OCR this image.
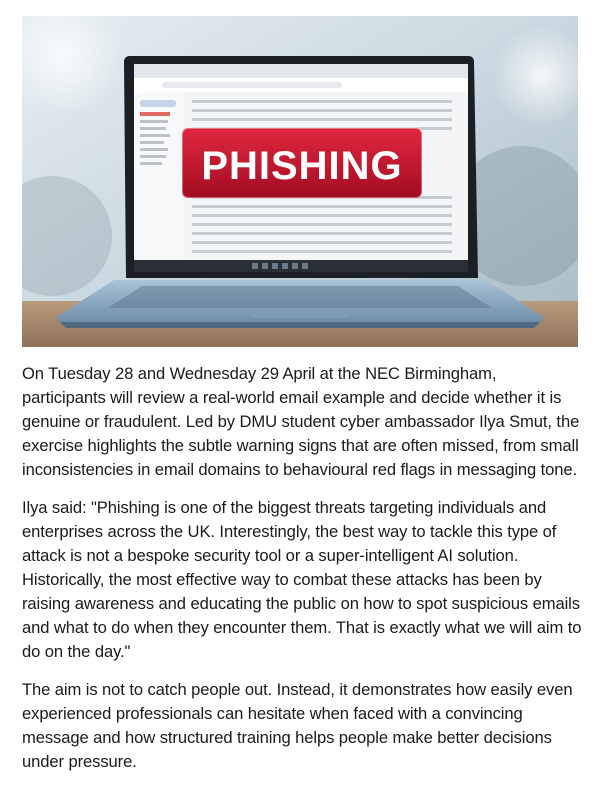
PHISHING

On Tuesday 28 and Wednesday 29 April at the NEC Birmingham, participants will review a real-world email example and decide whether it is genuine or fraudulent. Led by DMU student cyber ambassador Ilya Smut, the exercise highlights the subtle warning signs that are often missed, from small inconsistencies in email domains to behavioural red flags in messaging tone.

Ilya said: "Phishing is one of the biggest threats targeting individuals and enterprises across the UK. Interestingly, the best way to tackle this type of attack is not a bespoke security tool or a super-intelligent AI solution. Historically, the most effective way to combat these attacks has been by raising awareness and educating the public on how to spot suspicious emails and what to do when they encounter them. That is exactly what we will aim to do on the day."

The aim is not to catch people out. Instead, it demonstrates how easily even experienced professionals can hesitate when faced with a convincing message and how structured training helps people make better decisions under pressure.
